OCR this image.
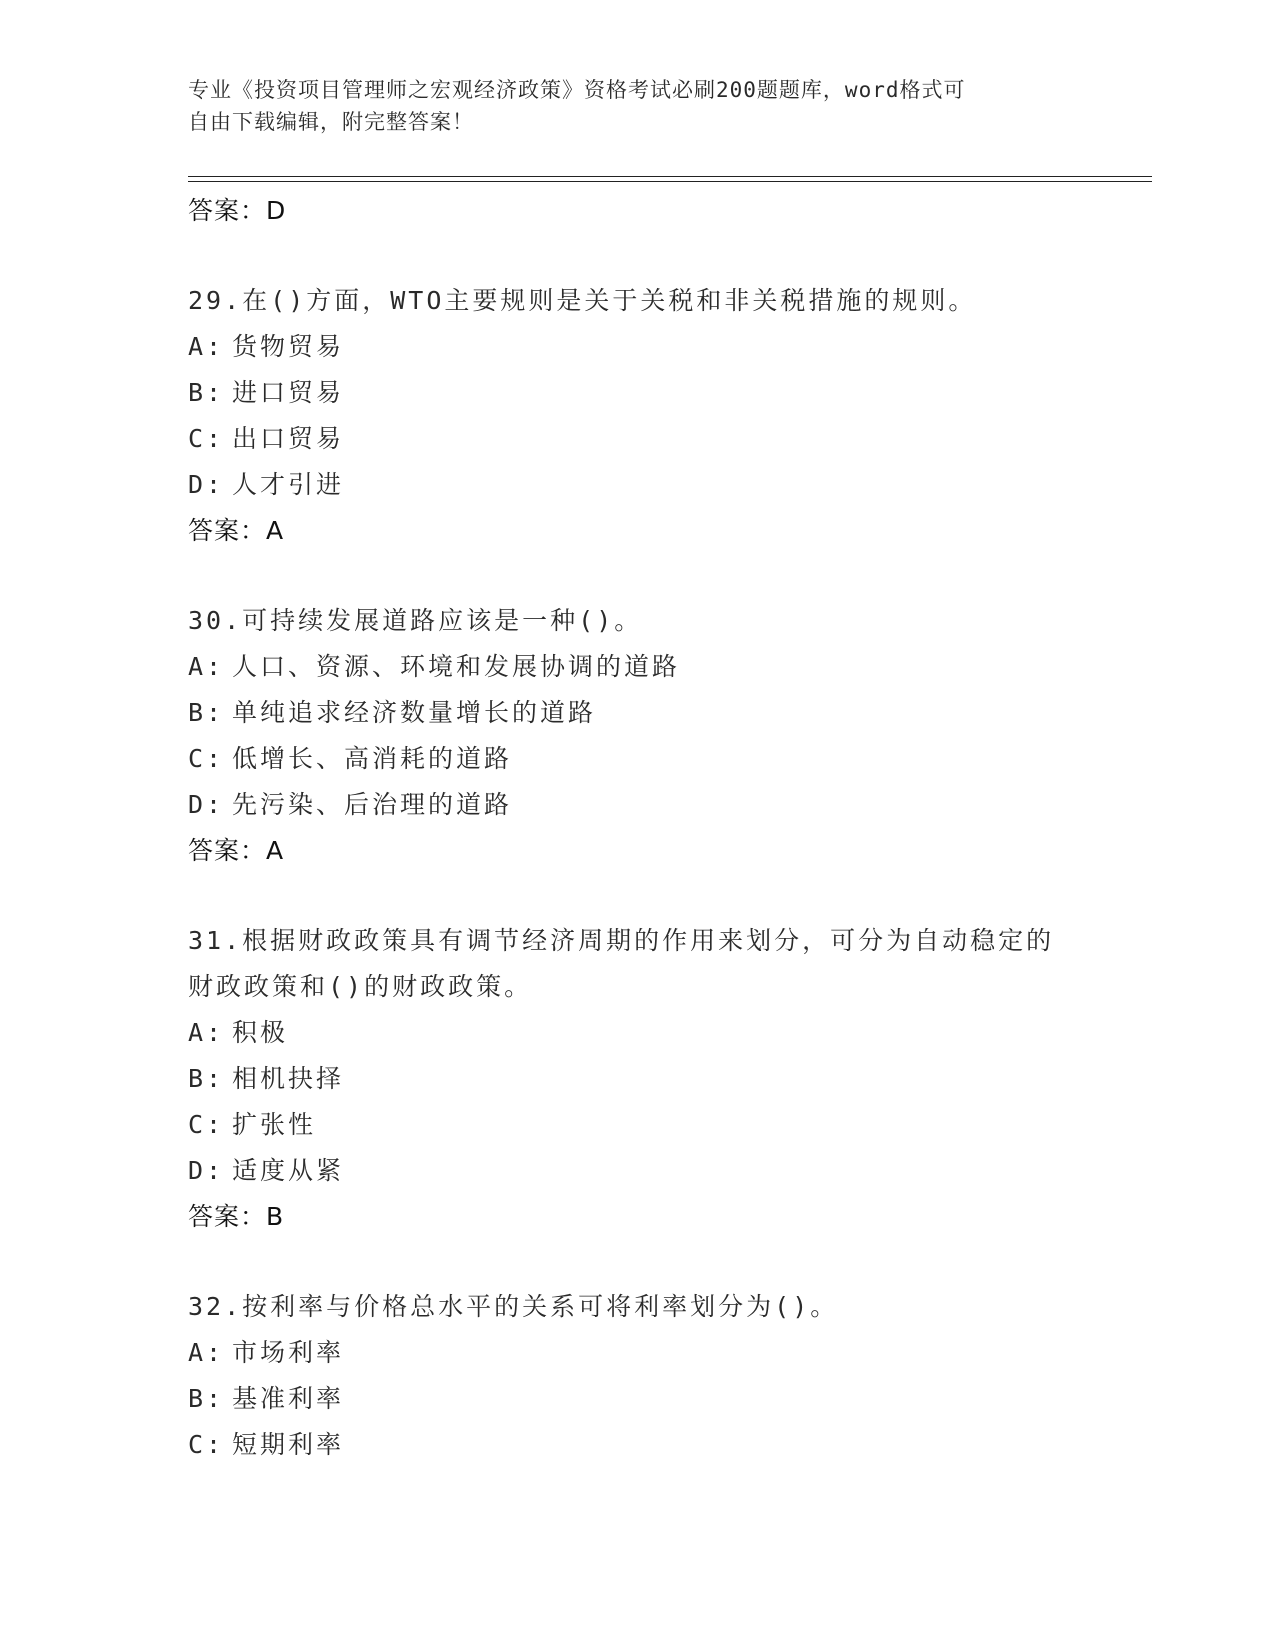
专业《投资项目管理师之宏观经济政策》资格考试必刷200题题库，word格式可
自由下载编辑，附完整答案！
答案：D
29.在()方面，WTO主要规则是关于关税和非关税措施的规则。
A: 货物贸易
B: 进口贸易
C: 出口贸易
D: 人才引进
答案：A
30.可持续发展道路应该是一种()。
A: 人口、资源、环境和发展协调的道路
B: 单纯追求经济数量增长的道路
C: 低增长、高消耗的道路
D: 先污染、后治理的道路
答案：A
31.根据财政政策具有调节经济周期的作用来划分，可分为自动稳定的
财政政策和()的财政政策。
A: 积极
B: 相机抉择
C: 扩张性
D: 适度从紧
答案：B
32.按利率与价格总水平的关系可将利率划分为()。
A: 市场利率
B: 基准利率
C: 短期利率
